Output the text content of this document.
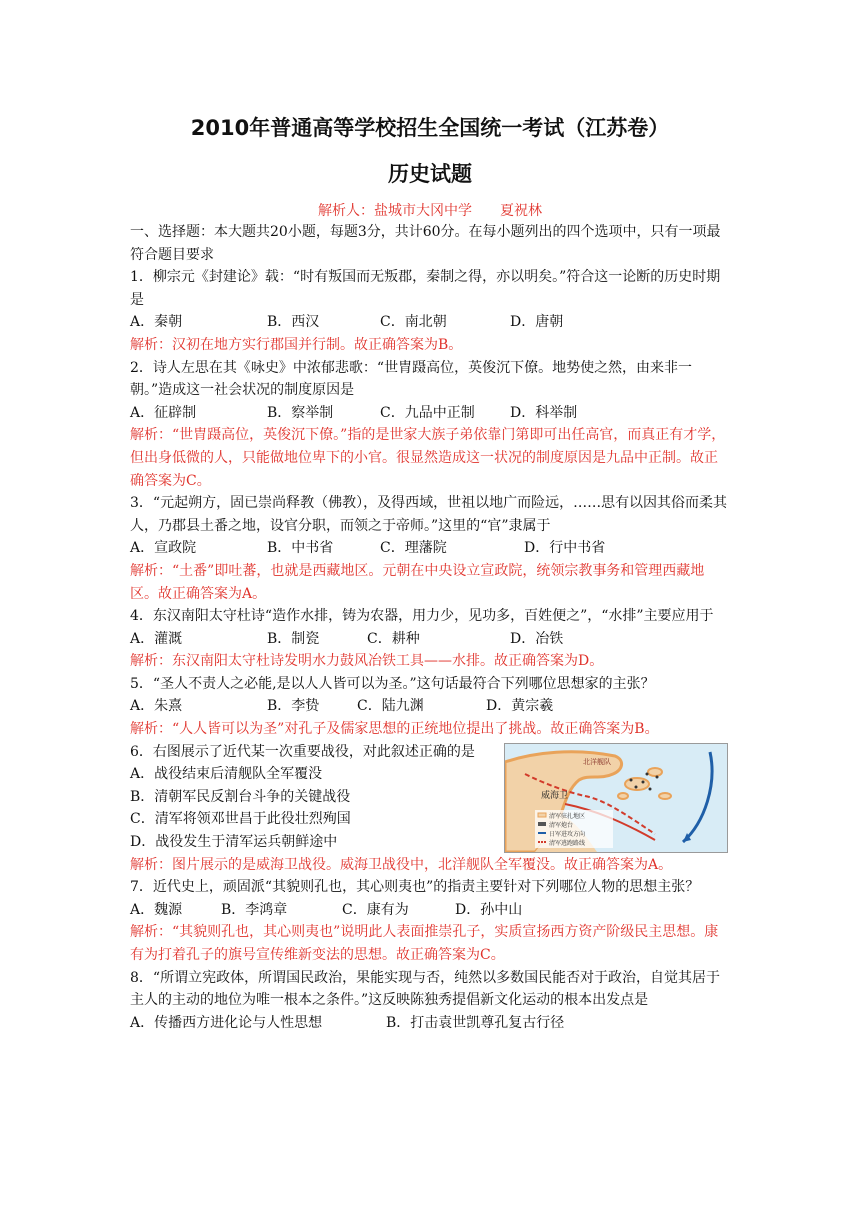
2010年普通高等学校招生全国统一考试（江苏卷）
历史试题
解析人：盐城市大冈中学　　夏祝林

一、选择题：本大题共20小题，每题3分，共计60分。在每小题列出的四个选项中，只有一项最符合题目要求

1．柳宗元《封建论》载：“时有叛国而无叛郡，秦制之得，亦以明矣。”符合这一论断的历史时期是

A．秦朝	B．西汉	C．南北朝	D．唐朝

解析：汉初在地方实行郡国并行制。故正确答案为B。

2．诗人左思在其《咏史》中浓郁悲歌：“世胄蹑高位，英俊沉下僚。地势使之然，由来非一朝。”造成这一社会状况的制度原因是

A．征辟制	B．察举制	C．九品中正制	D．科举制

解析：“世胄蹑高位，英俊沉下僚。”指的是世家大族子弟依靠门第即可出任高官，而真正有才学，但出身低微的人，只能做地位卑下的小官。很显然造成这一状况的制度原因是九品中正制。故正确答案为C。

3．“元起朔方，固已崇尚释教（佛教），及得西域，世祖以地广而险远，……思有以因其俗而柔其人，乃郡县土番之地，设官分职，而领之于帝师。”这里的“官”隶属于

A．宣政院	B．中书省	C．理藩院	D．行中书省

解析：“土番”即吐蕃，也就是西藏地区。元朝在中央设立宣政院，统领宗教事务和管理西藏地区。故正确答案为A。

4．东汉南阳太守杜诗“造作水排，铸为农器，用力少，见功多，百姓便之”，“水排”主要应用于

A．灌溉	B．制瓷	C．耕种	D．冶铁

解析：东汉南阳太守杜诗发明水力鼓风冶铁工具——水排。故正确答案为D。

5．“圣人不责人之必能,是以人人皆可以为圣。”这句话最符合下列哪位思想家的主张？

A．朱熹	B．李贽	C．陆九渊	D．黄宗羲

解析：“人人皆可以为圣”对孔子及儒家思想的正统地位提出了挑战。故正确答案为B。

6．右图展示了近代某一次重要战役，对此叙述正确的是

A．战役结束后清舰队全军覆没

B．清朝军民反割台斗争的关键战役

C．清军将领邓世昌于此役壮烈殉国

D．战役发生于清军运兵朝鲜途中

北洋舰队
威海卫
清军驻扎地区
清军炮台
日军进攻方向
清军逃跑路线

解析：图片展示的是威海卫战役。威海卫战役中，北洋舰队全军覆没。故正确答案为A。

7．近代史上，顽固派“其貌则孔也，其心则夷也”的指责主要针对下列哪位人物的思想主张？

A．魏源	B．李鸿章	C．康有为	D．孙中山

解析：“其貌则孔也，其心则夷也”说明此人表面推崇孔子，实质宣扬西方资产阶级民主思想。康有为打着孔子的旗号宣传维新变法的思想。故正确答案为C。

8．“所谓立宪政体，所谓国民政治，果能实现与否，纯然以多数国民能否对于政治，自觉其居于主人的主动的地位为唯一根本之条件。”这反映陈独秀提倡新文化运动的根本出发点是

A．传播西方进化论与人性思想	B．打击袁世凯尊孔复古行径
